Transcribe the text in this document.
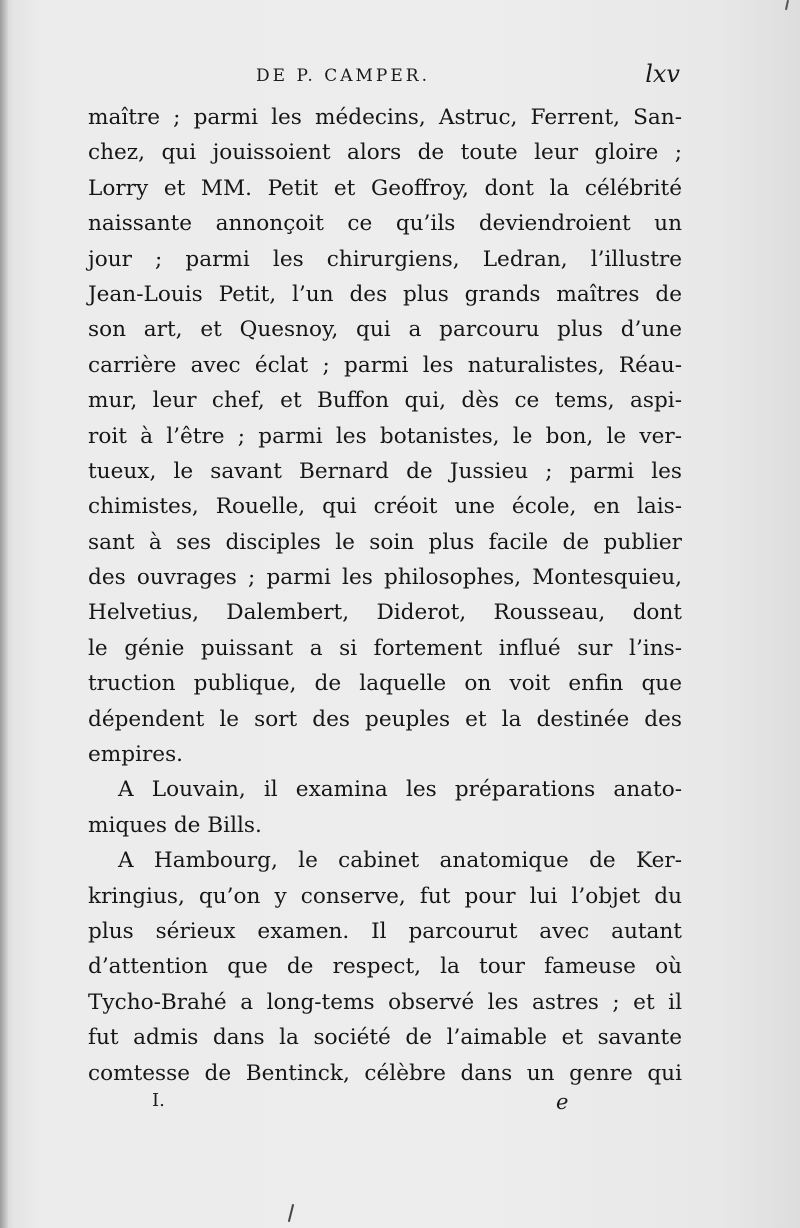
DE P. CAMPER.	lxv
maître ; parmi les médecins, Astruc, Ferrent, San-
chez, qui jouissoient alors de toute leur gloire ;
Lorry et MM. Petit et Geoffroy, dont la célébrité
naissante annonçoit ce qu’ils deviendroient un
jour ; parmi les chirurgiens, Ledran, l’illustre
Jean-Louis Petit, l’un des plus grands maîtres de
son art, et Quesnoy, qui a parcouru plus d’une
carrière avec éclat ; parmi les naturalistes, Réau-
mur, leur chef, et Buffon qui, dès ce tems, aspi-
roit à l’être ; parmi les botanistes, le bon, le ver-
tueux, le savant Bernard de Jussieu ; parmi les
chimistes, Rouelle, qui créoit une école, en lais-
sant à ses disciples le soin plus facile de publier
des ouvrages ; parmi les philosophes, Montesquieu,
Helvetius, Dalembert, Diderot, Rousseau, dont
le génie puissant a si fortement influé sur l’ins-
truction publique, de laquelle on voit enfin que
dépendent le sort des peuples et la destinée des
empires.
A Louvain, il examina les préparations anato-
miques de Bills.
A Hambourg, le cabinet anatomique de Ker-
kringius, qu’on y conserve, fut pour lui l’objet du
plus sérieux examen. Il parcourut avec autant
d’attention que de respect, la tour fameuse où
Tycho-Brahé a long-tems observé les astres ; et il
fut admis dans la société de l’aimable et savante
comtesse de Bentinck, célèbre dans un genre qui
I.	e
